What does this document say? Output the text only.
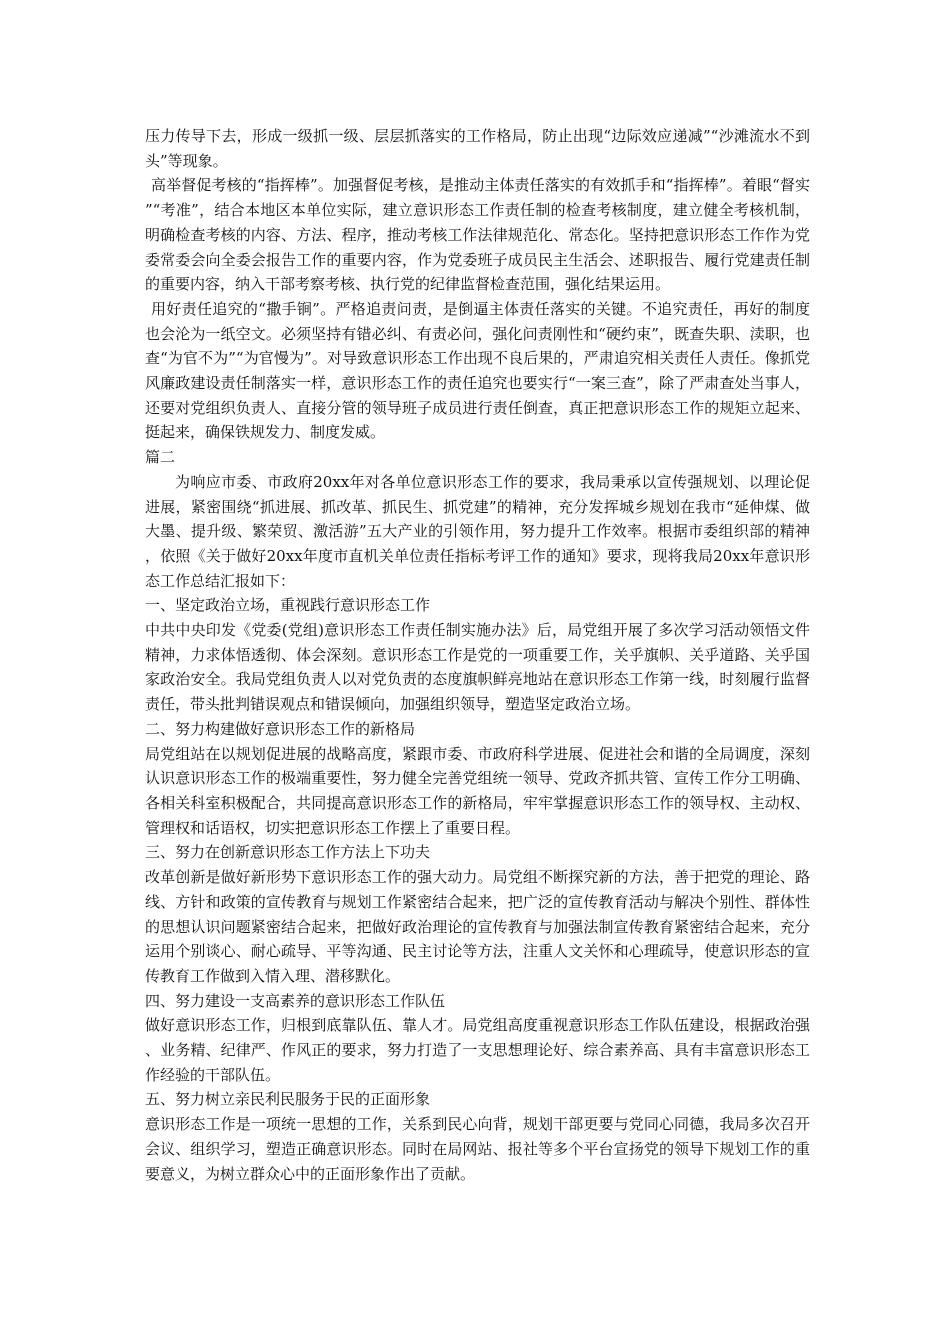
压力传导下去，形成一级抓一级、层层抓落实的工作格局，防止出现“边际效应递减”“沙滩流水不到头”等现象。

高举督促考核的“指挥棒”。加强督促考核，是推动主体责任落实的有效抓手和“指挥棒”。着眼“督实”“考准”，结合本地区本单位实际，建立意识形态工作责任制的检查考核制度，建立健全考核机制，明确检查考核的内容、方法、程序，推动考核工作法律规范化、常态化。坚持把意识形态工作作为党委常委会向全委会报告工作的重要内容，作为党委班子成员民主生活会、述职报告、履行党建责任制的重要内容，纳入干部考察考核、执行党的纪律监督检查范围，强化结果运用。

用好责任追究的“撒手锏”。严格追责问责，是倒逼主体责任落实的关键。不追究责任，再好的制度也会沦为一纸空文。必须坚持有错必纠、有责必问，强化问责刚性和“硬约束”，既查失职、渎职，也查“为官不为”“为官慢为”。对导致意识形态工作出现不良后果的，严肃追究相关责任人责任。像抓党风廉政建设责任制落实一样，意识形态工作的责任追究也要实行“一案三查”，除了严肃查处当事人，还要对党组织负责人、直接分管的领导班子成员进行责任倒查，真正把意识形态工作的规矩立起来、挺起来，确保铁规发力、制度发威。

篇二

为响应市委、市政府20xx年对各单位意识形态工作的要求，我局秉承以宣传强规划、以理论促进展，紧密围绕“抓进展、抓改革、抓民生、抓党建”的精神，充分发挥城乡规划在我市“延伸煤、做大墨、提升级、繁荣贸、激活游”五大产业的引领作用，努力提升工作效率。根据市委组织部的精神，依照《关于做好20xx年度市直机关单位责任指标考评工作的通知》要求，现将我局20xx年意识形态工作总结汇报如下：

一、坚定政治立场，重视践行意识形态工作

中共中央印发《党委(党组)意识形态工作责任制实施办法》后，局党组开展了多次学习活动领悟文件精神，力求体悟透彻、体会深刻。意识形态工作是党的一项重要工作，关乎旗帜、关乎道路、关乎国家政治安全。我局党组负责人以对党负责的态度旗帜鲜亮地站在意识形态工作第一线，时刻履行监督责任，带头批判错误观点和错误倾向，加强组织领导，塑造坚定政治立场。

二、努力构建做好意识形态工作的新格局

局党组站在以规划促进展的战略高度，紧跟市委、市政府科学进展、促进社会和谐的全局调度，深刻认识意识形态工作的极端重要性，努力健全完善党组统一领导、党政齐抓共管、宣传工作分工明确、各相关科室积极配合，共同提高意识形态工作的新格局，牢牢掌握意识形态工作的领导权、主动权、管理权和话语权，切实把意识形态工作摆上了重要日程。

三、努力在创新意识形态工作方法上下功夫

改革创新是做好新形势下意识形态工作的强大动力。局党组不断探究新的方法，善于把党的理论、路线、方针和政策的宣传教育与规划工作紧密结合起来，把广泛的宣传教育活动与解决个别性、群体性的思想认识问题紧密结合起来，把做好政治理论的宣传教育与加强法制宣传教育紧密结合起来，充分运用个别谈心、耐心疏导、平等沟通、民主讨论等方法，注重人文关怀和心理疏导，使意识形态的宣传教育工作做到入情入理、潜移默化。

四、努力建设一支高素养的意识形态工作队伍

做好意识形态工作，归根到底靠队伍、靠人才。局党组高度重视意识形态工作队伍建设，根据政治强、业务精、纪律严、作风正的要求，努力打造了一支思想理论好、综合素养高、具有丰富意识形态工作经验的干部队伍。

五、努力树立亲民利民服务于民的正面形象

意识形态工作是一项统一思想的工作，关系到民心向背，规划干部更要与党同心同德，我局多次召开会议、组织学习，塑造正确意识形态。同时在局网站、报社等多个平台宣扬党的领导下规划工作的重要意义，为树立群众心中的正面形象作出了贡献。
